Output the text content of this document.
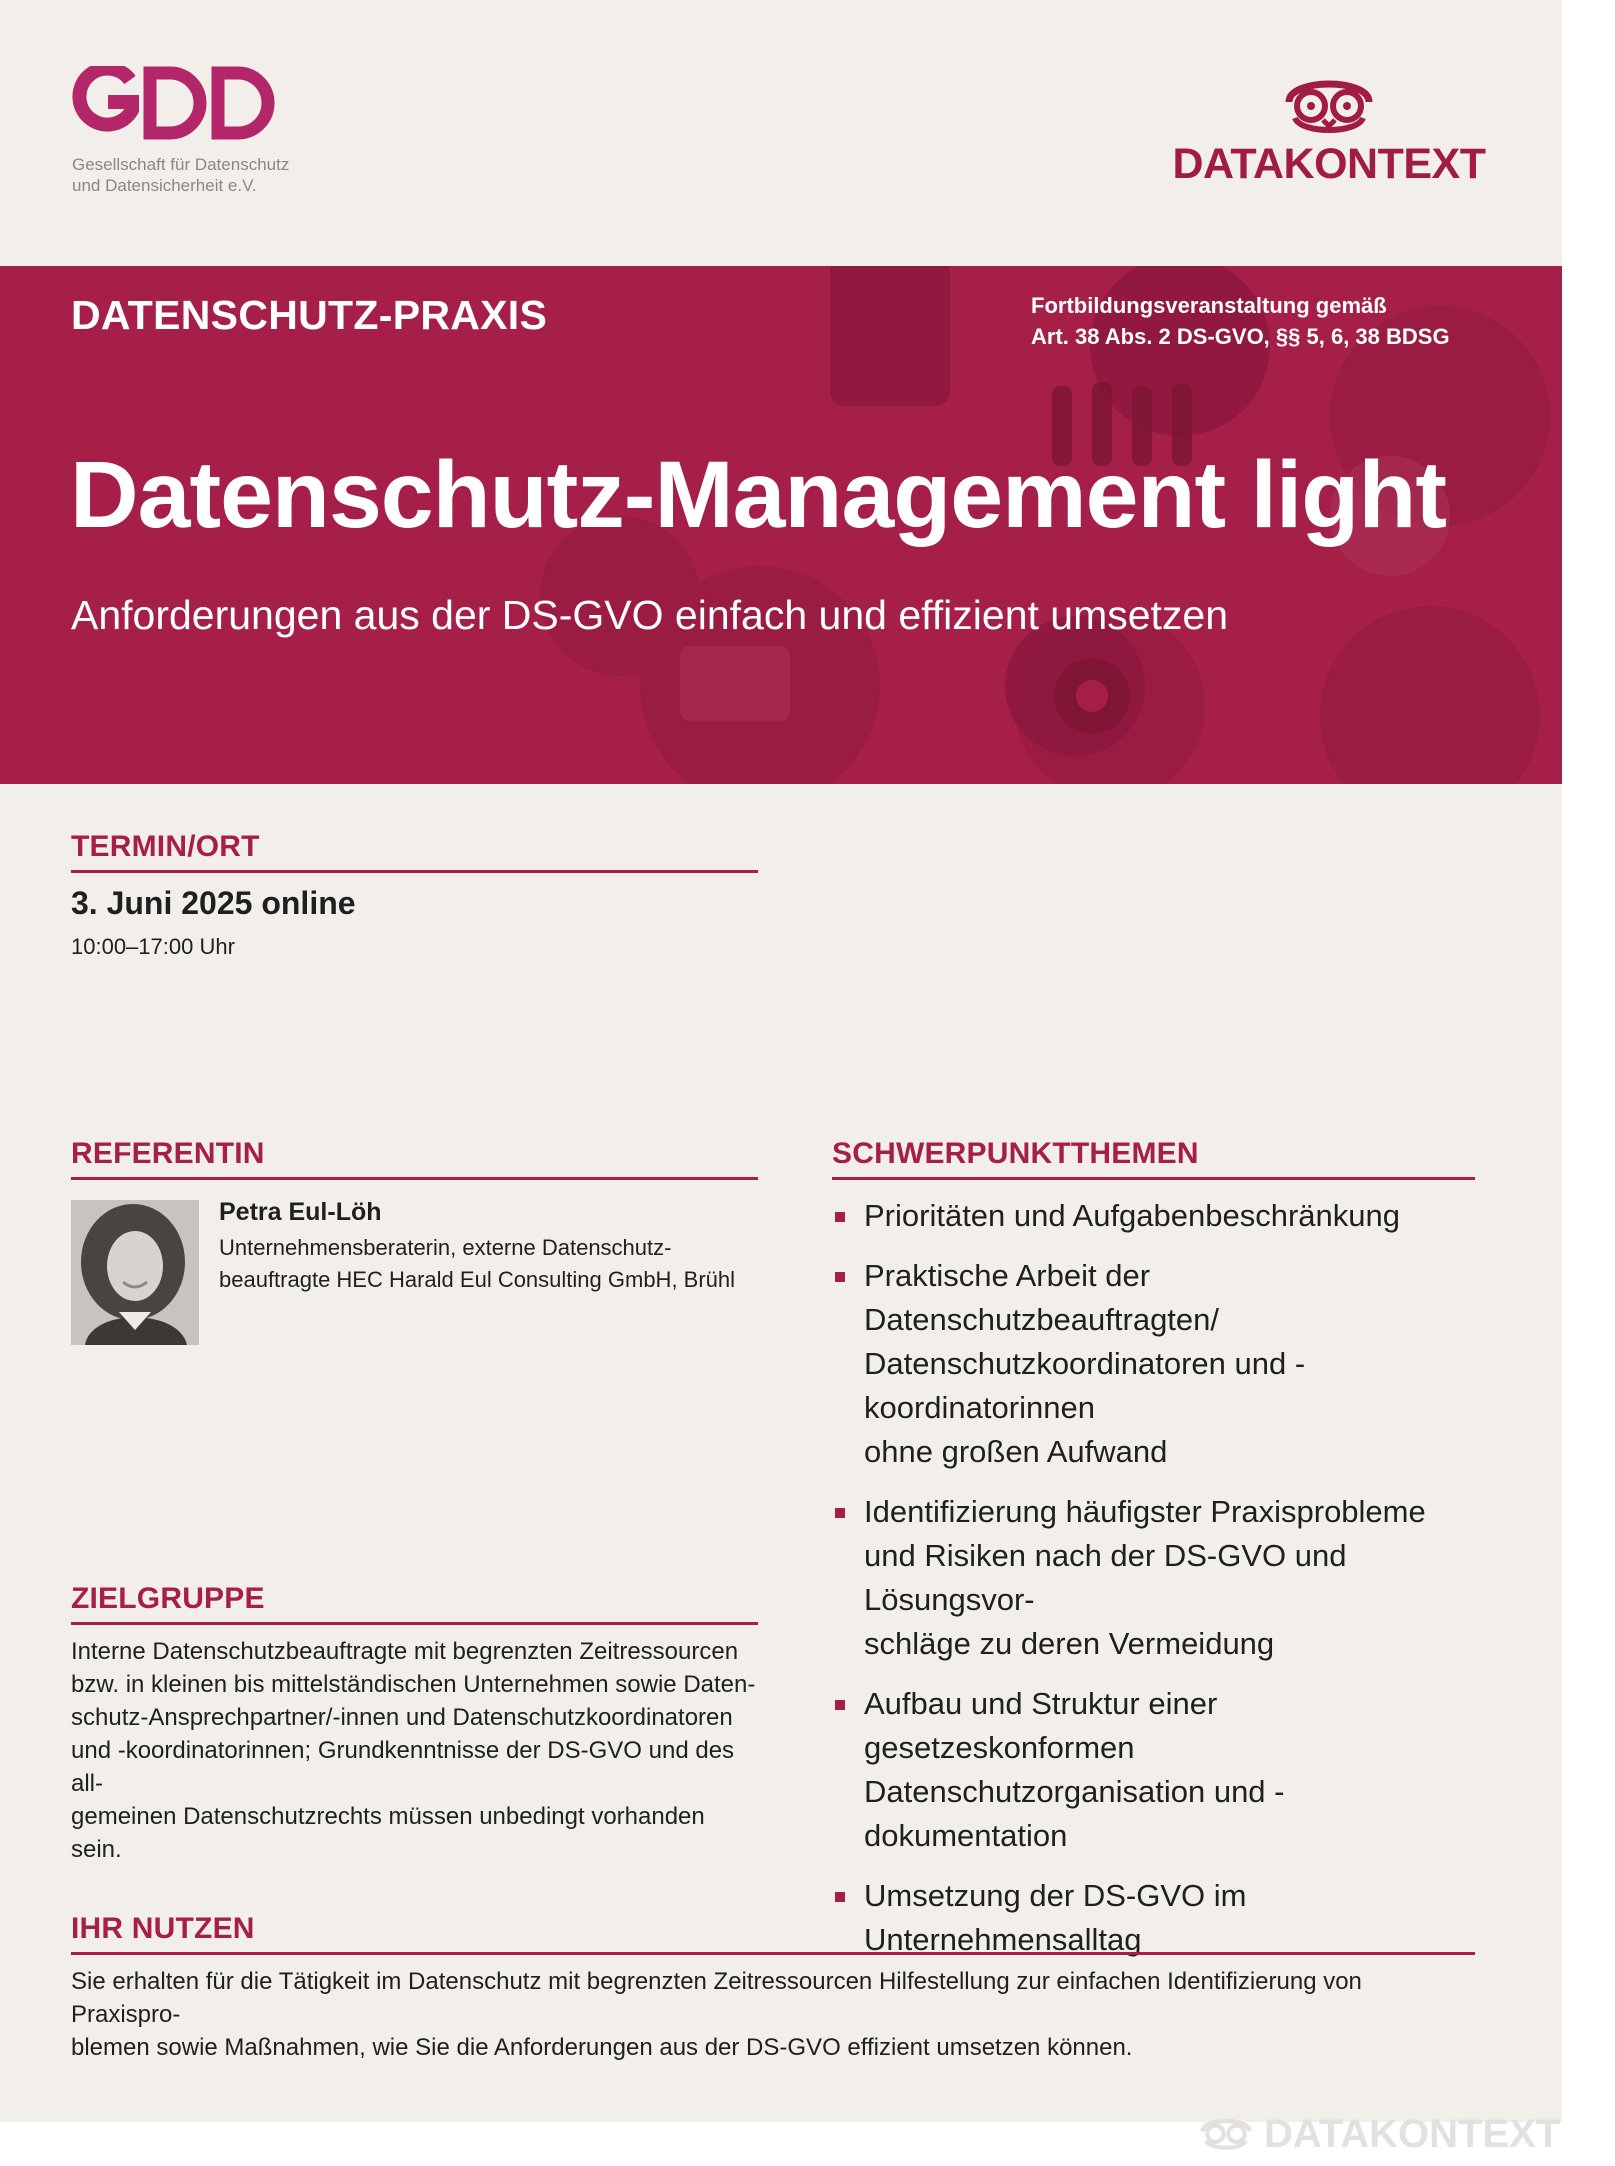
Gesellschaft für Datenschutz
und Datensicherheit e.V.	DATAKONTEXT
DATENSCHUTZ-PRAXIS	Fortbildungsveranstaltung gemäß
Art. 38 Abs. 2 DS-GVO, §§ 5, 6, 38 BDSG
Datenschutz-Management light
Anforderungen aus der DS-GVO einfach und effizient umsetzen
TERMIN/ORT
3. Juni 2025 online
10:00–17:00 Uhr
REFERENTIN
Petra Eul-Löh
Unternehmensberaterin, externe Datenschutz-
beauftragte HEC Harald Eul Consulting GmbH, Brühl
ZIELGRUPPE
Interne Datenschutzbeauftragte mit begrenzten Zeitressourcen
bzw. in kleinen bis mittelständischen Unternehmen sowie Daten-
schutz-Ansprechpartner/-innen und Datenschutzkoordinatoren
und -koordinatorinnen; Grundkenntnisse der DS-GVO und des all-
gemeinen Datenschutzrechts müssen unbedingt vorhanden sein.
SCHWERPUNKTTHEMEN
Prioritäten und Aufgabenbeschränkung
Praktische Arbeit der Datenschutzbeauftragten/
Datenschutzkoordinatoren und -koordinatorinnen
ohne großen Aufwand
Identifizierung häufigster Praxisprobleme
und Risiken nach der DS-GVO und Lösungsvor-
schläge zu deren Vermeidung
Aufbau und Struktur einer gesetzeskonformen
Datenschutzorganisation und -dokumentation
Umsetzung der DS-GVO im Unternehmensalltag
IHR NUTZEN
Sie erhalten für die Tätigkeit im Datenschutz mit begrenzten Zeitressourcen Hilfestellung zur einfachen Identifizierung von Praxispro-
blemen sowie Maßnahmen, wie Sie die Anforderungen aus der DS-GVO effizient umsetzen können.
DATAKONTEXT
